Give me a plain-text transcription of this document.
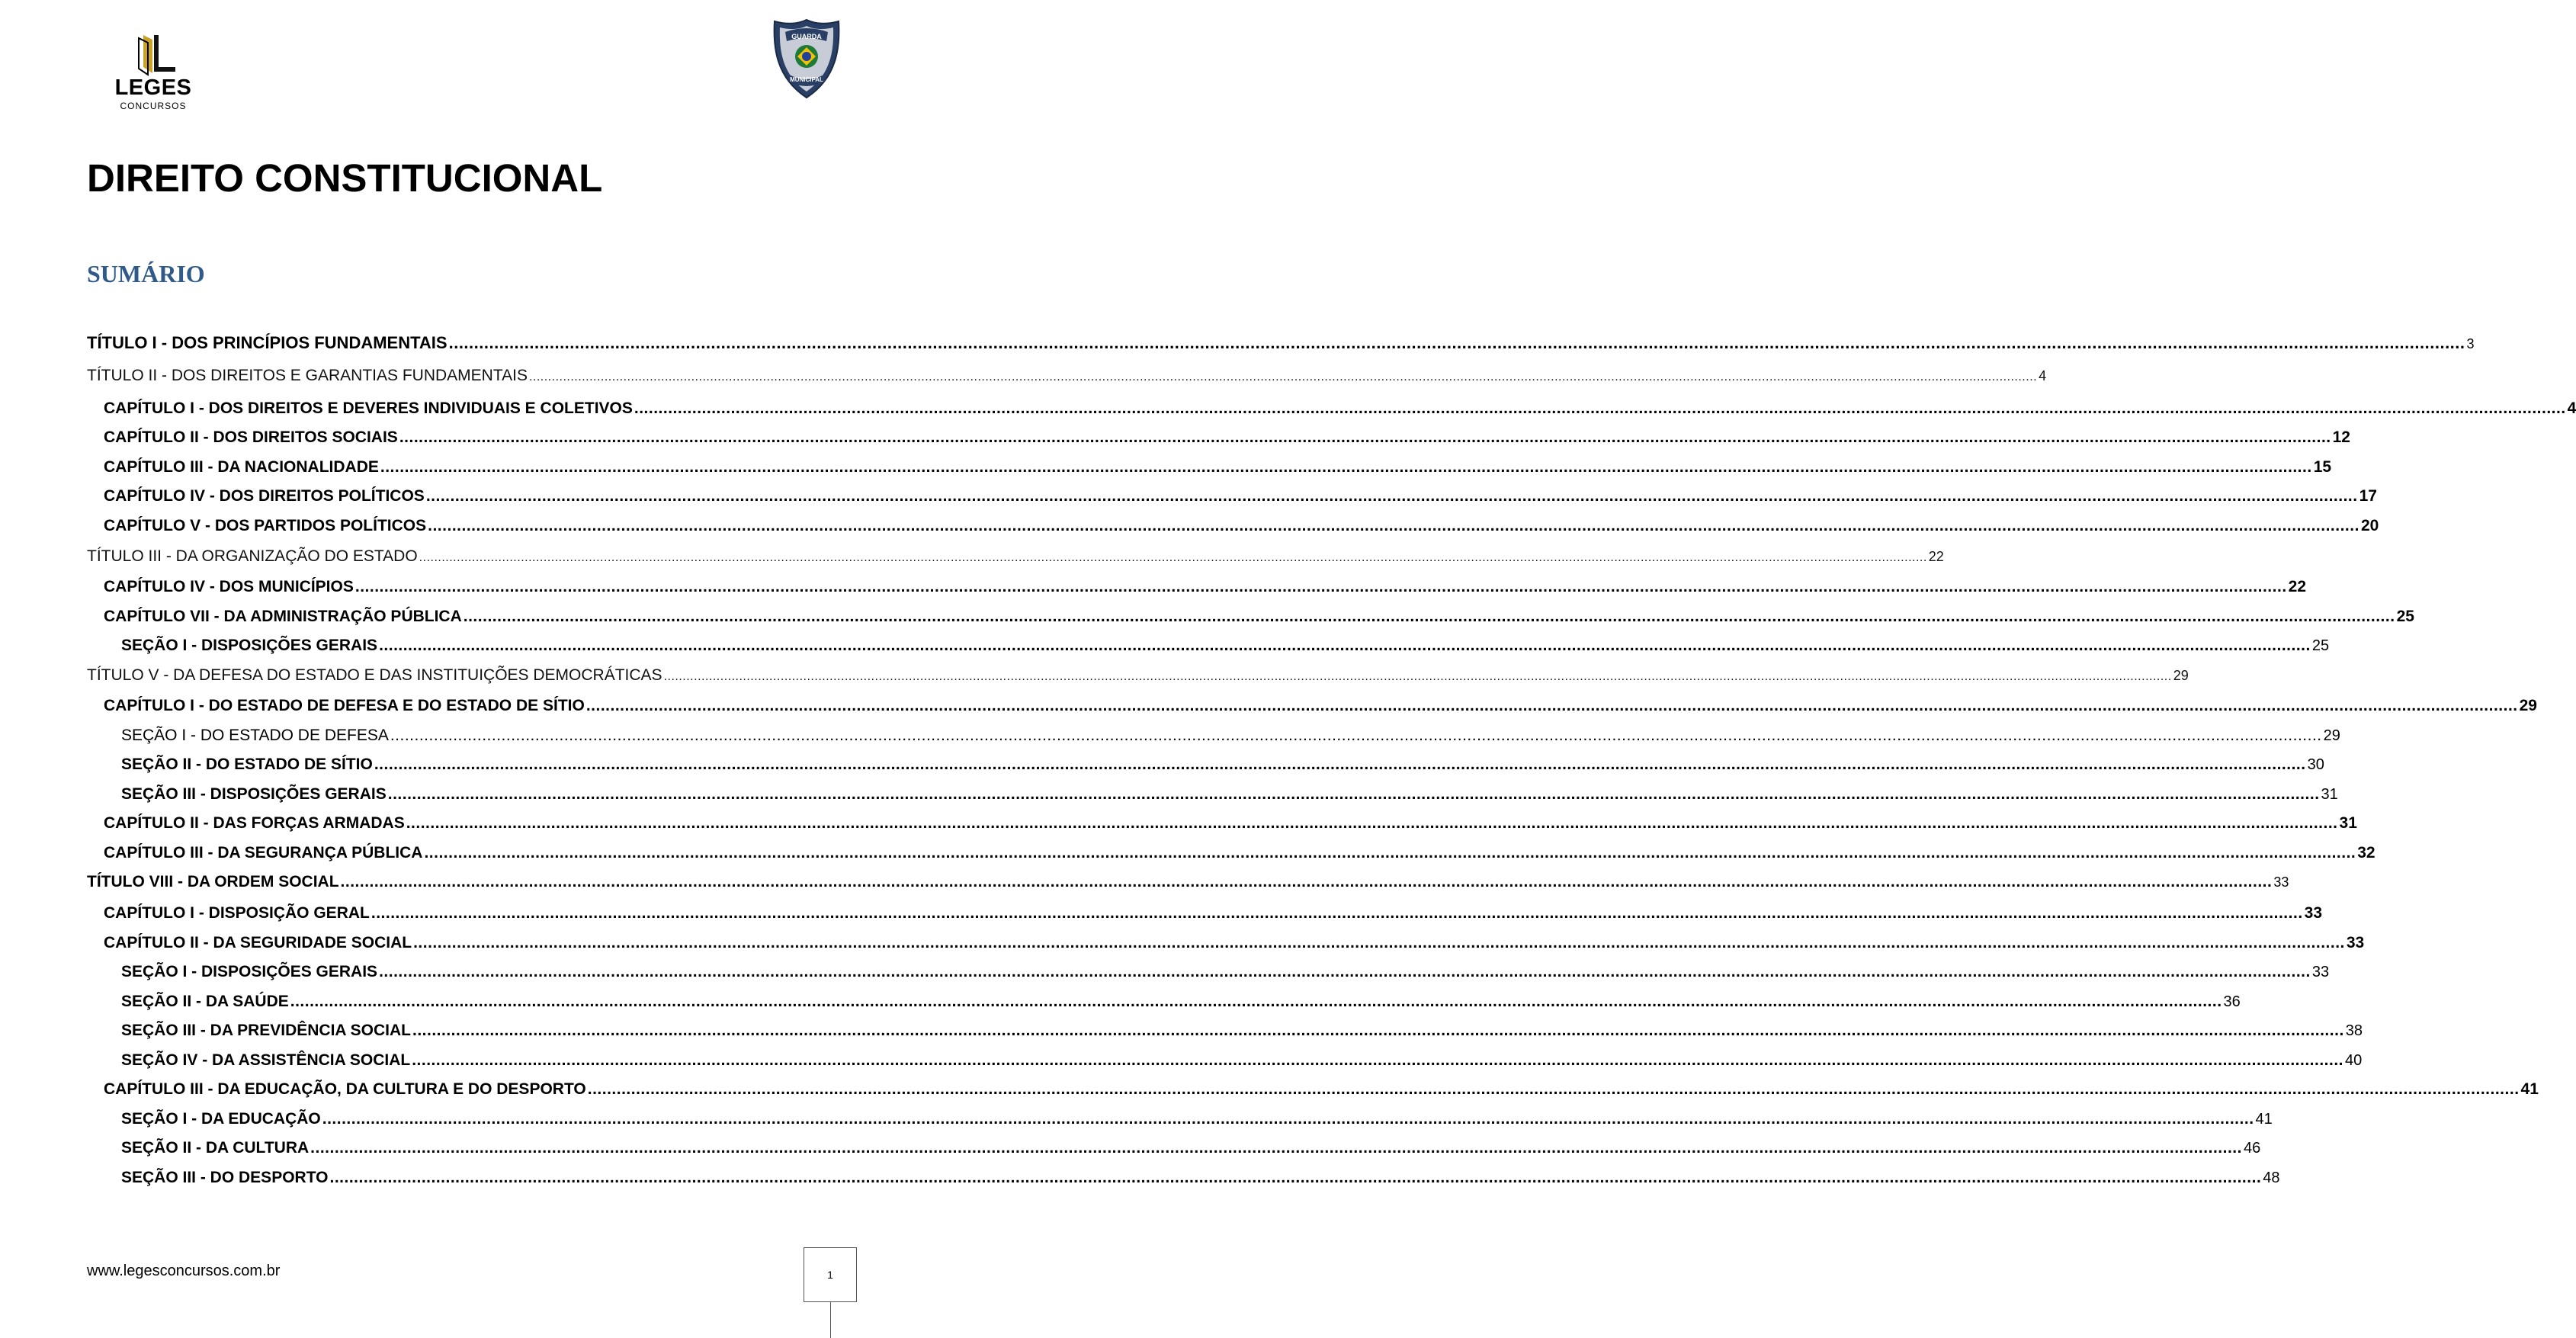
LEGES
CONCURSOS
GUARDA
MUNICIPAL
DIREITO CONSTITUCIONAL
SUMÁRIO
TÍTULO I - DOS PRINCÍPIOS FUNDAMENTAIS ................................................................................................................................................................................................................................................................................................................................................................................................................ 3
TÍTULO II - DOS DIREITOS E GARANTIAS FUNDAMENTAIS ................................................................................................................................................................................................................................................................................................................................................................................................................ 4
CAPÍTULO I - DOS DIREITOS E DEVERES INDIVIDUAIS E COLETIVOS ................................................................................................................................................................................................................................................................................................................................................................................................................ 4
CAPÍTULO II - DOS DIREITOS SOCIAIS ................................................................................................................................................................................................................................................................................................................................................................................................................ 12
CAPÍTULO III - DA NACIONALIDADE ................................................................................................................................................................................................................................................................................................................................................................................................................ 15
CAPÍTULO IV - DOS DIREITOS POLÍTICOS ................................................................................................................................................................................................................................................................................................................................................................................................................ 17
CAPÍTULO V - DOS PARTIDOS POLÍTICOS ................................................................................................................................................................................................................................................................................................................................................................................................................ 20
TÍTULO III - DA ORGANIZAÇÃO DO ESTADO ................................................................................................................................................................................................................................................................................................................................................................................................................ 22
CAPÍTULO IV - DOS MUNICÍPIOS ................................................................................................................................................................................................................................................................................................................................................................................................................ 22
CAPÍTULO VII - DA ADMINISTRAÇÃO PÚBLICA ................................................................................................................................................................................................................................................................................................................................................................................................................ 25
SEÇÃO I - DISPOSIÇÕES GERAIS ................................................................................................................................................................................................................................................................................................................................................................................................................ 25
TÍTULO V - DA DEFESA DO ESTADO E DAS INSTITUIÇÕES DEMOCRÁTICAS ................................................................................................................................................................................................................................................................................................................................................................................................................ 29
CAPÍTULO I - DO ESTADO DE DEFESA E DO ESTADO DE SÍTIO ................................................................................................................................................................................................................................................................................................................................................................................................................ 29
SEÇÃO I - DO ESTADO DE DEFESA ................................................................................................................................................................................................................................................................................................................................................................................................................ 29
SEÇÃO II - DO ESTADO DE SÍTIO ................................................................................................................................................................................................................................................................................................................................................................................................................ 30
SEÇÃO III - DISPOSIÇÕES GERAIS ................................................................................................................................................................................................................................................................................................................................................................................................................ 31
CAPÍTULO II - DAS FORÇAS ARMADAS ................................................................................................................................................................................................................................................................................................................................................................................................................ 31
CAPÍTULO III - DA SEGURANÇA PÚBLICA ................................................................................................................................................................................................................................................................................................................................................................................................................ 32
TÍTULO VIII - DA ORDEM SOCIAL ................................................................................................................................................................................................................................................................................................................................................................................................................ 33
CAPÍTULO I - DISPOSIÇÃO GERAL ................................................................................................................................................................................................................................................................................................................................................................................................................ 33
CAPÍTULO II - DA SEGURIDADE SOCIAL ................................................................................................................................................................................................................................................................................................................................................................................................................ 33
SEÇÃO I - DISPOSIÇÕES GERAIS ................................................................................................................................................................................................................................................................................................................................................................................................................ 33
SEÇÃO II - DA SAÚDE ................................................................................................................................................................................................................................................................................................................................................................................................................ 36
SEÇÃO III - DA PREVIDÊNCIA SOCIAL ................................................................................................................................................................................................................................................................................................................................................................................................................ 38
SEÇÃO IV - DA ASSISTÊNCIA SOCIAL ................................................................................................................................................................................................................................................................................................................................................................................................................ 40
CAPÍTULO III - DA EDUCAÇÃO, DA CULTURA E DO DESPORTO ................................................................................................................................................................................................................................................................................................................................................................................................................ 41
SEÇÃO I - DA EDUCAÇÃO ................................................................................................................................................................................................................................................................................................................................................................................................................ 41
SEÇÃO II - DA CULTURA ................................................................................................................................................................................................................................................................................................................................................................................................................ 46
SEÇÃO III - DO DESPORTO ................................................................................................................................................................................................................................................................................................................................................................................................................ 48
www.legesconcursos.com.br	1
